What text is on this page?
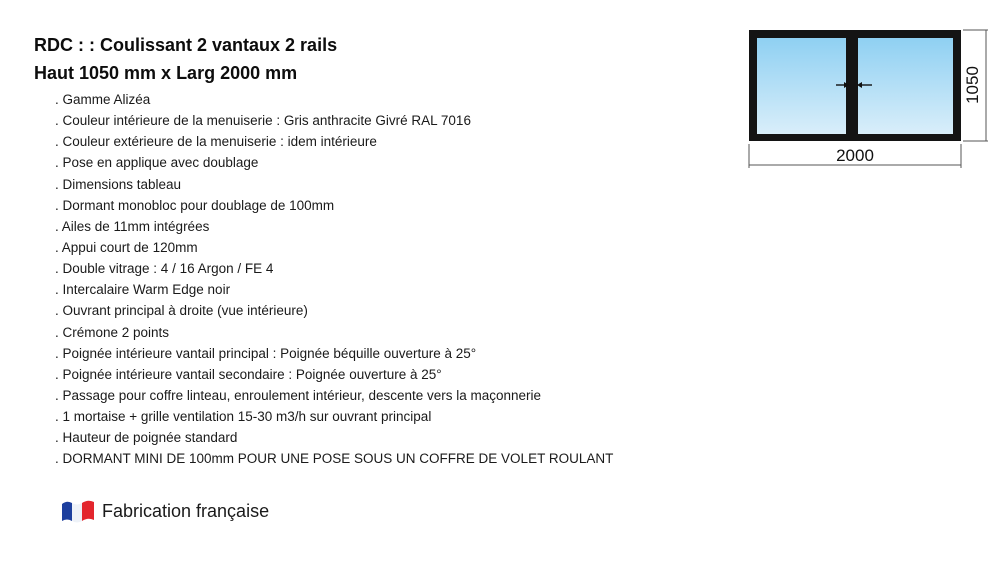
RDC : : Coulissant 2 vantaux 2 rails
Haut 1050 mm x Larg 2000 mm
. Gamme Alizéa
. Couleur intérieure de la menuiserie : Gris anthracite Givré RAL 7016
. Couleur extérieure de la menuiserie : idem intérieure
. Pose en applique avec doublage
. Dimensions tableau
. Dormant monobloc pour doublage de 100mm
. Ailes de 11mm intégrées
. Appui court de 120mm
. Double vitrage : 4 / 16 Argon / FE 4
. Intercalaire Warm Edge noir
. Ouvrant principal à droite (vue intérieure)
. Crémone 2 points
. Poignée intérieure vantail principal : Poignée béquille ouverture à 25°
. Poignée intérieure vantail secondaire : Poignée ouverture à 25°
. Passage pour coffre linteau, enroulement intérieur, descente vers la maçonnerie
. 1 mortaise + grille ventilation 15-30 m3/h sur ouvrant principal
. Hauteur de poignée standard
. DORMANT MINI DE 100mm POUR UNE POSE SOUS UN COFFRE DE VOLET ROULANT
Fabrication française
2000
1050
